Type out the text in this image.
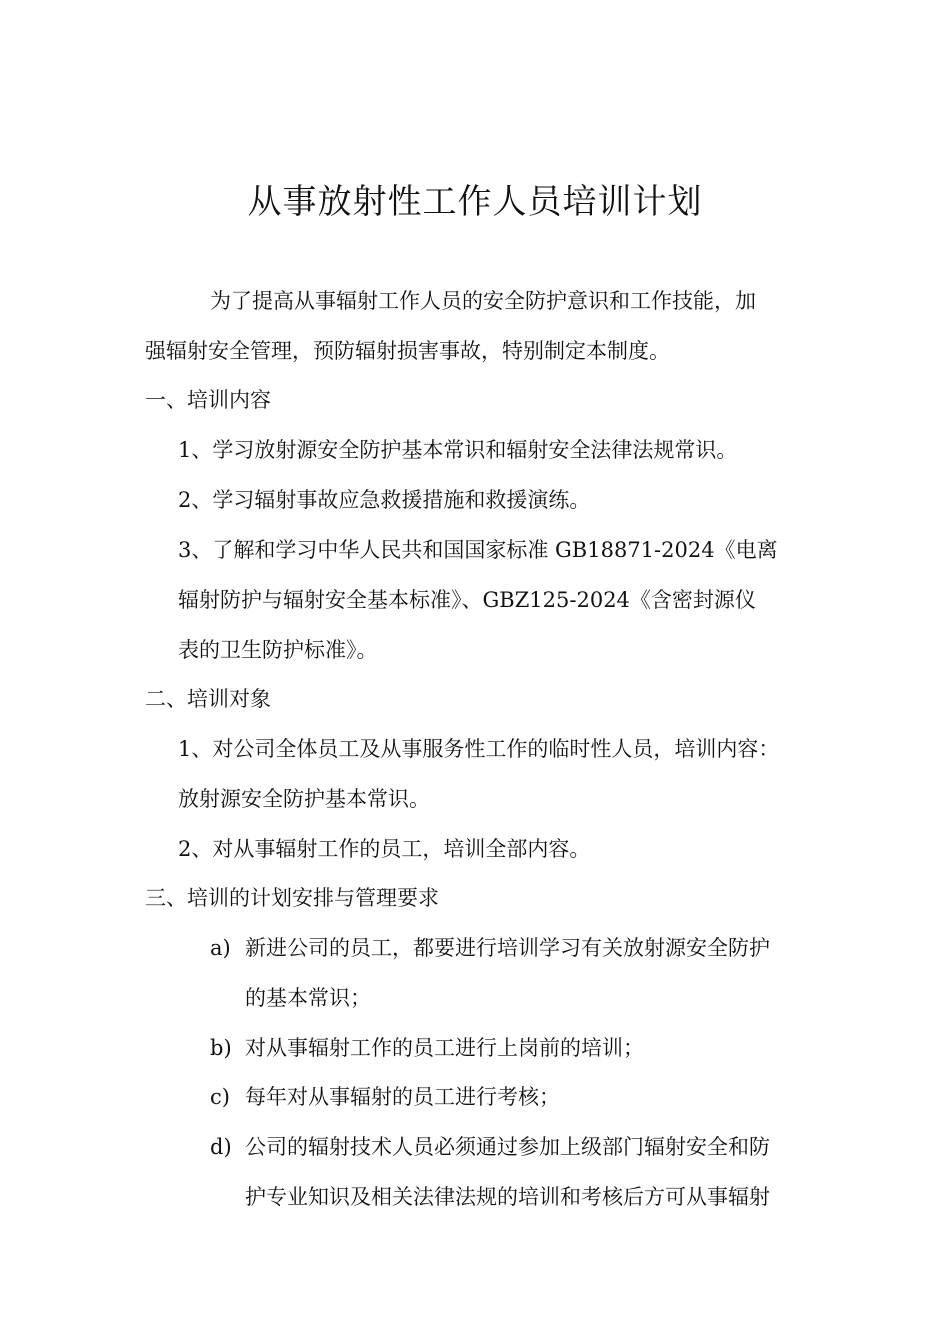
从事放射性工作人员培训计划

为了提高从事辐射工作人员的安全防护意识和工作技能，加

强辐射安全管理，预防辐射损害事故，特别制定本制度。

一、培训内容

1、学习放射源安全防护基本常识和辐射安全法律法规常识。

2、学习辐射事故应急救援措施和救援演练。

3、了解和学习中华人民共和国国家标准 GB18871-2024《电离

辐射防护与辐射安全基本标准》、GBZ125-2024《含密封源仪

表的卫生防护标准》。

二、培训对象

1、对公司全体员工及从事服务性工作的临时性人员，培训内容：

放射源安全防护基本常识。

2、对从事辐射工作的员工，培训全部内容。

三、培训的计划安排与管理要求

a) 新进公司的员工，都要进行培训学习有关放射源安全防护

的基本常识；

b) 对从事辐射工作的员工进行上岗前的培训；

c) 每年对从事辐射的员工进行考核；

d) 公司的辐射技术人员必须通过参加上级部门辐射安全和防

护专业知识及相关法律法规的培训和考核后方可从事辐射
